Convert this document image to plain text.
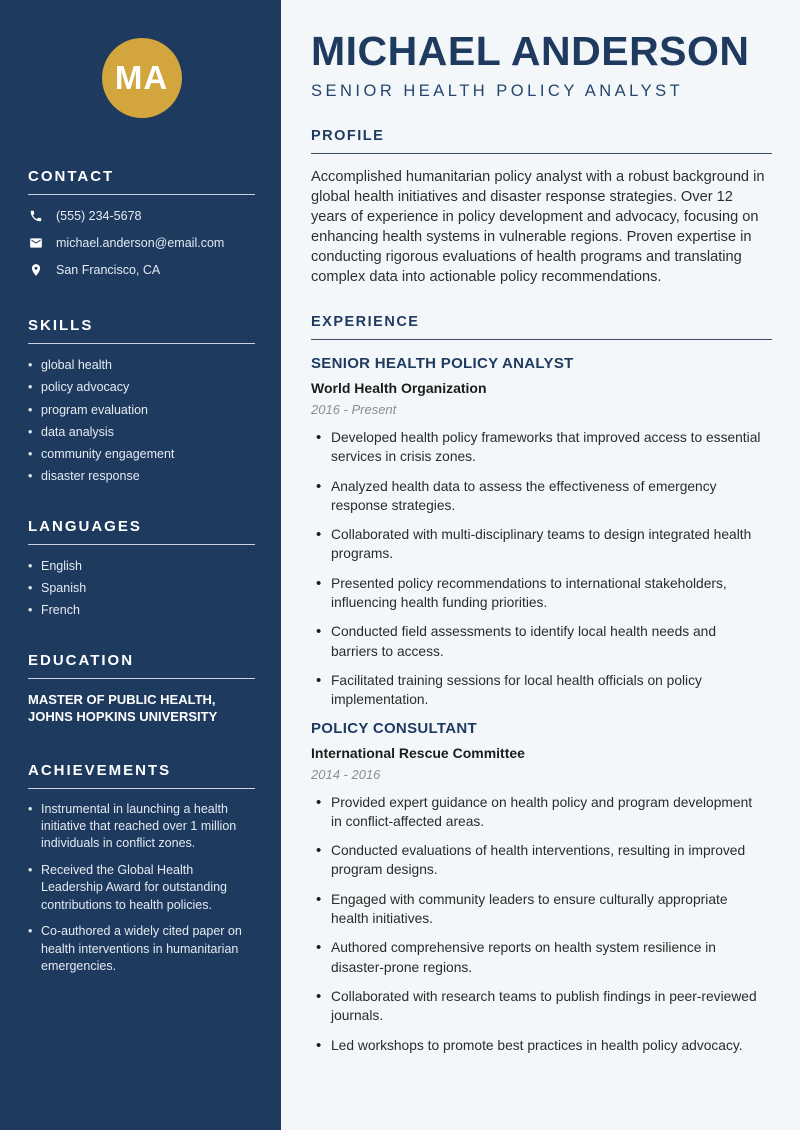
MA
CONTACT
(555) 234-5678
michael.anderson@email.com
San Francisco, CA
SKILLS
• global health
• policy advocacy
• program evaluation
• data analysis
• community engagement
• disaster response
LANGUAGES
• English
• Spanish
• French
EDUCATION
MASTER OF PUBLIC HEALTH, JOHNS HOPKINS UNIVERSITY
ACHIEVEMENTS
• Instrumental in launching a health initiative that reached over 1 million individuals in conflict zones.
• Received the Global Health Leadership Award for outstanding contributions to health policies.
• Co-authored a widely cited paper on health interventions in humanitarian emergencies.
MICHAEL ANDERSON
SENIOR HEALTH POLICY ANALYST
PROFILE

Accomplished humanitarian policy analyst with a robust background in global health initiatives and disaster response strategies. Over 12 years of experience in policy development and advocacy, focusing on enhancing health systems in vulnerable regions. Proven expertise in conducting rigorous evaluations of health programs and translating complex data into actionable policy recommendations.

EXPERIENCE
SENIOR HEALTH POLICY ANALYST
World Health Organization
2016 - Present
• Developed health policy frameworks that improved access to essential services in crisis zones.
• Analyzed health data to assess the effectiveness of emergency response strategies.
• Collaborated with multi-disciplinary teams to design integrated health programs.
• Presented policy recommendations to international stakeholders, influencing health funding priorities.
• Conducted field assessments to identify local health needs and barriers to access.
• Facilitated training sessions for local health officials on policy implementation.
POLICY CONSULTANT
International Rescue Committee
2014 - 2016
• Provided expert guidance on health policy and program development in conflict-affected areas.
• Conducted evaluations of health interventions, resulting in improved program designs.
• Engaged with community leaders to ensure culturally appropriate health initiatives.
• Authored comprehensive reports on health system resilience in disaster-prone regions.
• Collaborated with research teams to publish findings in peer-reviewed journals.
• Led workshops to promote best practices in health policy advocacy.
